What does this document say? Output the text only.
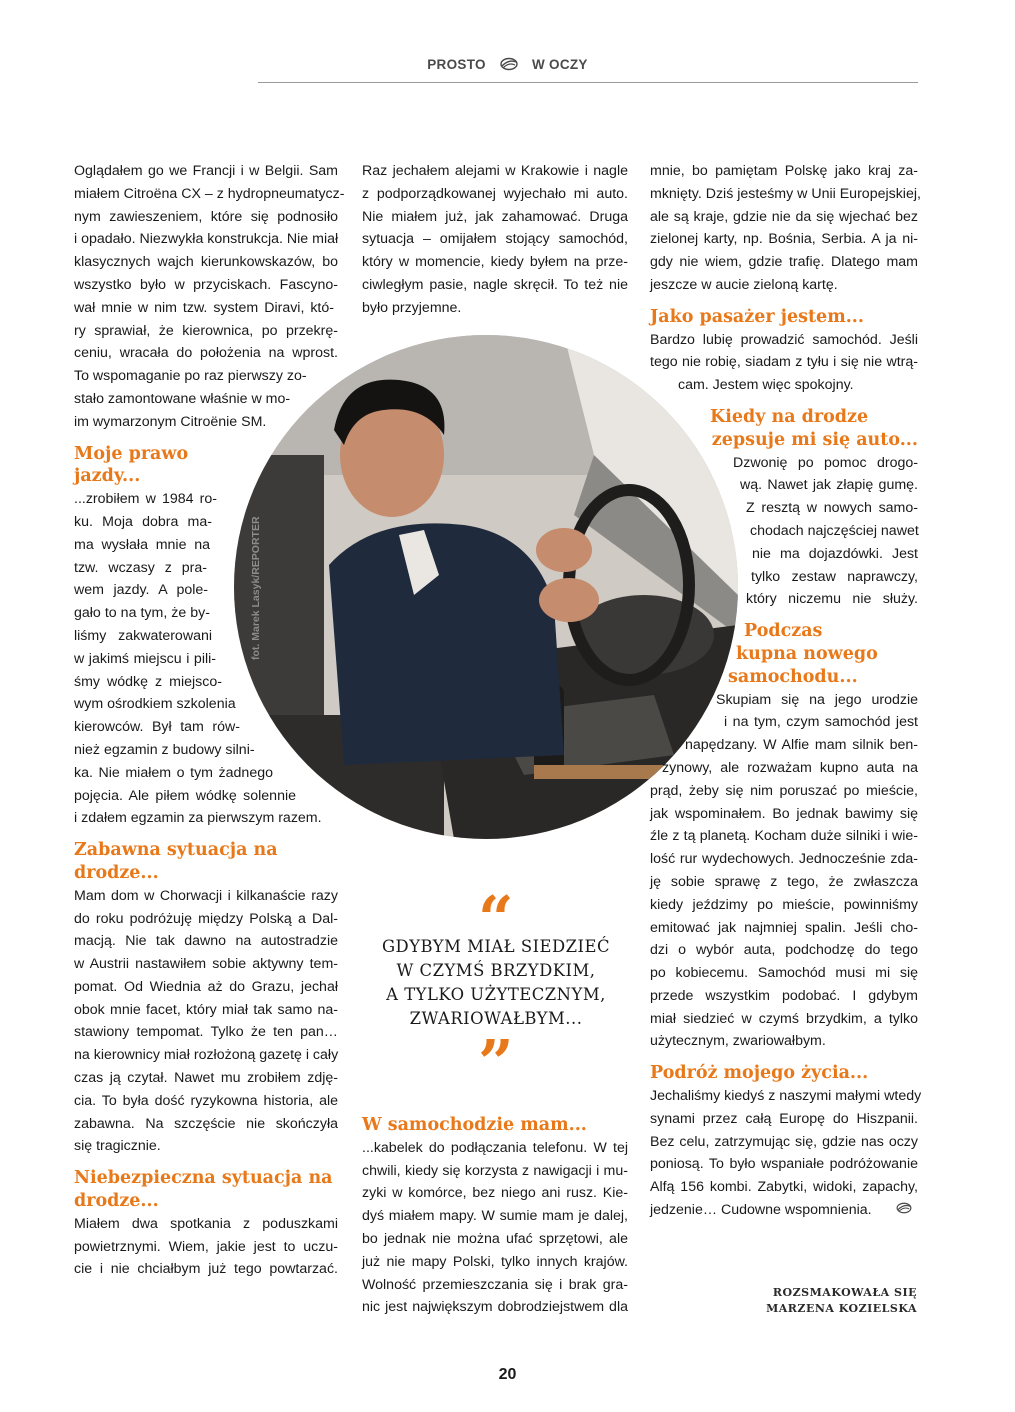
PROSTO	W OCZY
fot. Marek Lasyk/REPORTER
Oglądałem go we Francji i w Belgii. Sam
miałem Citroëna CX – z hydropneumatycz-
nym zawieszeniem, które się podnosiło
i opadało. Niezwykła konstrukcja. Nie miał
klasycznych wajch kierunkowskazów, bo
wszystko było w przyciskach. Fascyno-
wał mnie w nim tzw. system Diravi, któ-
ry sprawiał, że kierownica, po przekrę-
ceniu, wracała do położenia na wprost.
To wspomaganie po raz pierwszy zo-
stało zamontowane właśnie w mo-
im wymarzonym Citroënie SM.
Moje prawo
jazdy...
...zrobiłem w 1984 ro-
ku. Moja dobra ma-
ma wysłała mnie na
tzw. wczasy z pra-
wem jazdy. A pole-
gało to na tym, że by-
liśmy zakwaterowani
w jakimś miejscu i pili-
śmy wódkę z miejsco-
wym ośrodkiem szkolenia
kierowców. Był tam rów-
nież egzamin z budowy silni-
ka. Nie miałem o tym żadnego
pojęcia. Ale piłem wódkę solennie
i zdałem egzamin za pierwszym razem.
Zabawna sytuacja na
drodze...
Mam dom w Chorwacji i kilkanaście razy
do roku podróżuję między Polską a Dal-
macją. Nie tak dawno na autostradzie
w Austrii nastawiłem sobie aktywny tem-
pomat. Od Wiednia aż do Grazu, jechał
obok mnie facet, który miał tak samo na-
stawiony tempomat. Tylko że ten pan…
na kierownicy miał rozłożoną gazetę i cały
czas ją czytał. Nawet mu zrobiłem zdję-
cia. To była dość ryzykowna historia, ale
zabawna. Na szczęście nie skończyła
się tragicznie.
Niebezpieczna sytuacja na
drodze...
Miałem dwa spotkania z poduszkami
powietrznymi. Wiem, jakie jest to uczu-
cie i nie chciałbym już tego powtarzać.
Raz jechałem alejami w Krakowie i nagle
z podporządkowanej wyjechało mi auto.
Nie miałem już, jak zahamować. Druga
sytuacja – omijałem stojący samochód,
który w momencie, kiedy byłem na prze-
ciwległym pasie, nagle skręcił. To też nie
było przyjemne.
“
GDYBYM MIAŁ SIEDZIEĆ
W CZYMŚ BRZYDKIM,
A TYLKO UŻYTECZNYM,
ZWARIOWAŁBYM...
”
W samochodzie mam...
...kabelek do podłączania telefonu. W tej
chwili, kiedy się korzysta z nawigacji i mu-
zyki w komórce, bez niego ani rusz. Kie-
dyś miałem mapy. W sumie mam je dalej,
bo jednak nie można ufać sprzętowi, ale
już nie mapy Polski, tylko innych krajów.
Wolność przemieszczania się i brak gra-
nic jest największym dobrodziejstwem dla
mnie, bo pamiętam Polskę jako kraj za-
mknięty. Dziś jesteśmy w Unii Europejskiej,
ale są kraje, gdzie nie da się wjechać bez
zielonej karty, np. Bośnia, Serbia. A ja ni-
gdy nie wiem, gdzie trafię. Dlatego mam
jeszcze w aucie zieloną kartę.
Jako pasażer jestem...
Bardzo lubię prowadzić samochód. Jeśli
tego nie robię, siadam z tyłu i się nie wtrą-
cam. Jestem więc spokojny.
Kiedy na drodze
zepsuje mi się auto...
Dzwonię po pomoc drogo-
wą. Nawet jak złapię gumę.
Z resztą w nowych samo-
chodach najczęściej nawet
nie ma dojazdówki. Jest
tylko zestaw naprawczy,
który niczemu nie służy.
Podczas
kupna nowego
samochodu...
Skupiam się na jego urodzie
i na tym, czym samochód jest
napędzany. W Alfie mam silnik ben-
zynowy, ale rozważam kupno auta na
prąd, żeby się nim poruszać po mieście,
jak wspominałem. Bo jednak bawimy się
źle z tą planetą. Kocham duże silniki i wie-
lość rur wydechowych. Jednocześnie zda-
ję sobie sprawę z tego, że zwłaszcza
kiedy jeździmy po mieście, powinniśmy
emitować jak najmniej spalin. Jeśli cho-
dzi o wybór auta, podchodzę do tego
po kobiecemu. Samochód musi mi się
przede wszystkim podobać. I gdybym
miał siedzieć w czymś brzydkim, a tylko
użytecznym, zwariowałbym.
Podróż mojego życia...
Jechaliśmy kiedyś z naszymi małymi wtedy
synami przez całą Europę do Hiszpanii.
Bez celu, zatrzymując się, gdzie nas oczy
poniosą. To było wspaniałe podróżowanie
Alfą 156 kombi. Zabytki, widoki, zapachy,
jedzenie… Cudowne wspomnienia.
ROZSMAKOWAŁA SIĘ
MARZENA KOZIELSKA
20
